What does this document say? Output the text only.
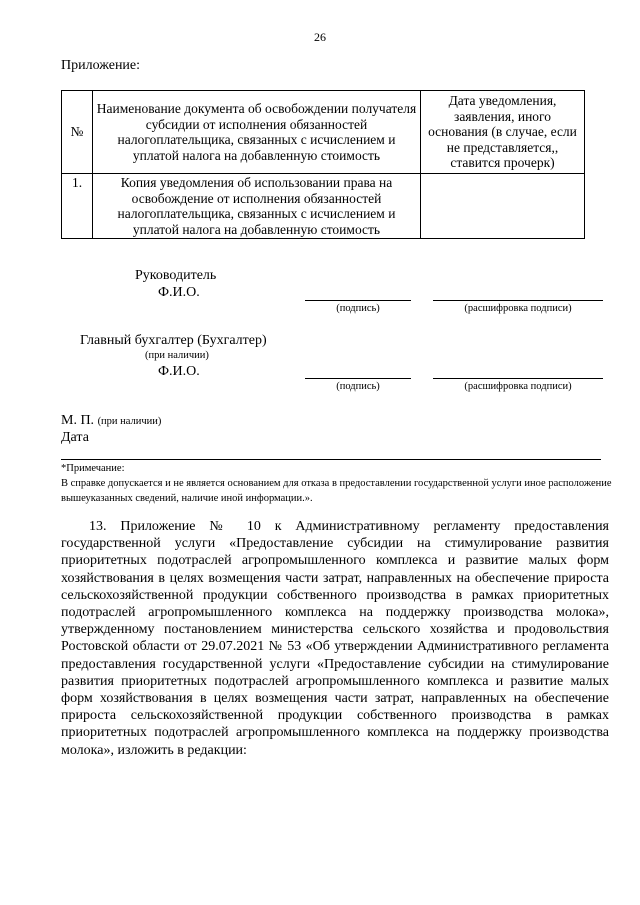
26
Приложение:
№	Наименование документа об освобождении получателя субсидии от исполнения обязанностей налогоплательщика, связанных с исчислением и уплатой налога на добавленную стоимость	Дата уведомления, заявления, иного основания (в случае, если не представляется,, ставится прочерк)
1.	Копия уведомления об использовании права на освобождение от исполнения обязанностей налогоплательщика, связанных с исчислением и уплатой налога на добавленную стоимость	
Руководитель
Ф.И.О.
(подпись)	(расшифровка подписи)
Главный бухгалтер (Бухгалтер)
(при наличии)
Ф.И.О.
(подпись)	(расшифровка подписи)
М. П. (при наличии)
Дата
*Примечание:
В справке допускается и не является основанием для отказа в предоставлении государственной услуги иное расположение вышеуказанных сведений, наличие иной информации.».
13. Приложение № 10 к Административному регламенту предоставления государственной услуги «Предоставление субсидии на стимулирование развития приоритетных подотраслей агропромышленного комплекса и развитие малых форм хозяйствования в целях возмещения части затрат, направленных на обеспечение прироста сельскохозяйственной продукции собственного производства в рамках приоритетных подотраслей агропромышленного комплекса на поддержку производства молока», утвержденному постановлением министерства сельского хозяйства и продовольствия Ростовской области от 29.07.2021 № 53 «Об утверждении Административного регламента предоставления государственной услуги «Предоставление субсидии на стимулирование развития приоритетных подотраслей агропромышленного комплекса и развитие малых форм хозяйствования в целях возмещения части затрат, направленных на обеспечение прироста сельскохозяйственной продукции собственного производства в рамках приоритетных подотраслей агропромышленного комплекса на поддержку производства молока», изложить в редакции:
